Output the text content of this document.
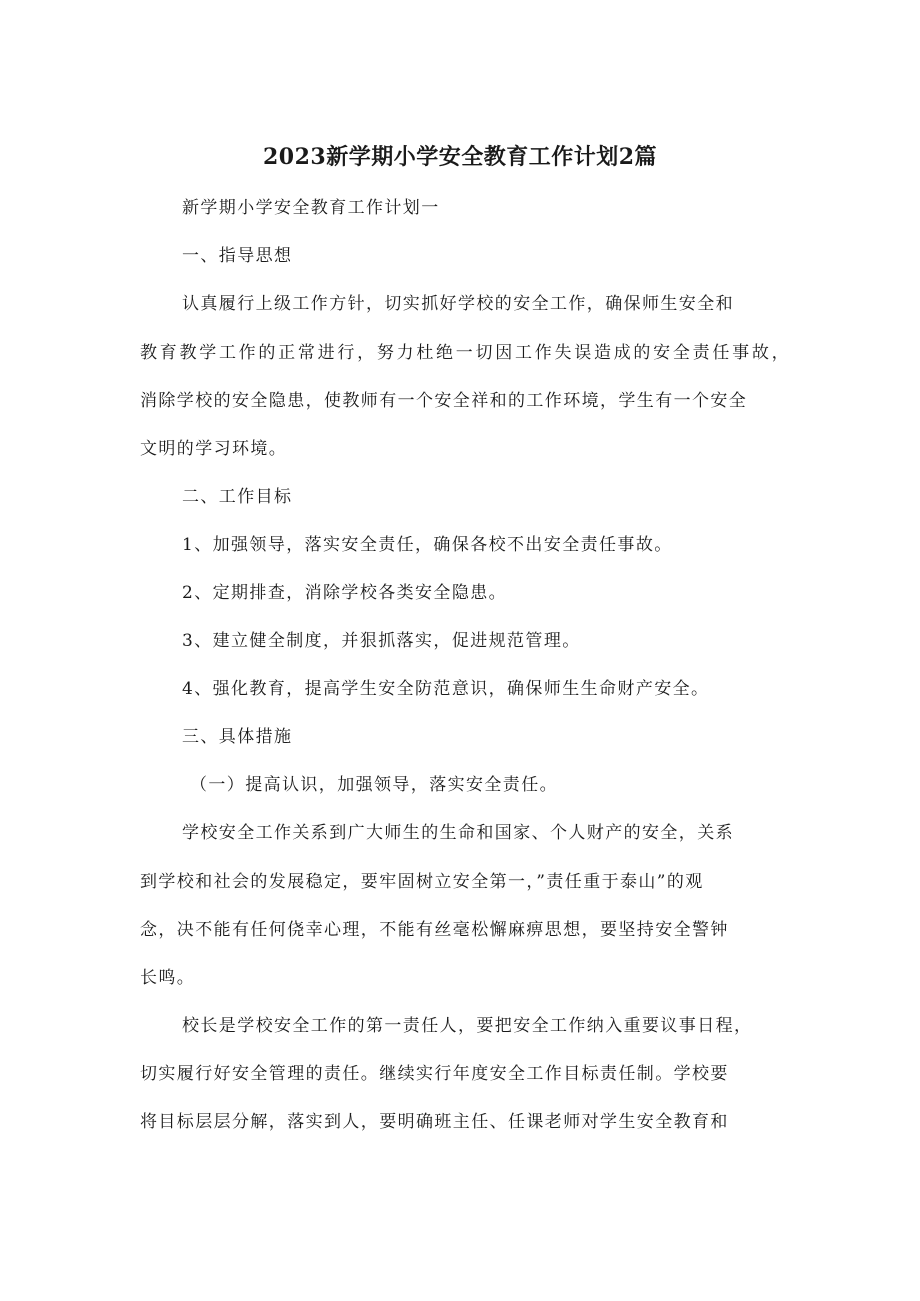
2023新学期小学安全教育工作计划2篇
新学期小学安全教育工作计划一
一、指导思想
认真履行上级工作方针，切实抓好学校的安全工作，确保师生安全和
教育教学工作的正常进行，努力杜绝一切因工作失误造成的安全责任事故，
消除学校的安全隐患，使教师有一个安全祥和的工作环境，学生有一个安全
文明的学习环境。
二、工作目标
1、加强领导，落实安全责任，确保各校不出安全责任事故。
2、定期排查，消除学校各类安全隐患。
3、建立健全制度，并狠抓落实，促进规范管理。
4、强化教育，提高学生安全防范意识，确保师生生命财产安全。
三、具体措施
（一）提高认识，加强领导，落实安全责任。
学校安全工作关系到广大师生的生命和国家、个人财产的安全，关系
到学校和社会的发展稳定，要牢固树立安全第一，”责任重于泰山”的观
念，决不能有任何侥幸心理，不能有丝毫松懈麻痹思想，要坚持安全警钟
长鸣。
校长是学校安全工作的第一责任人，要把安全工作纳入重要议事日程，
切实履行好安全管理的责任。继续实行年度安全工作目标责任制。学校要
将目标层层分解，落实到人，要明确班主任、任课老师对学生安全教育和
